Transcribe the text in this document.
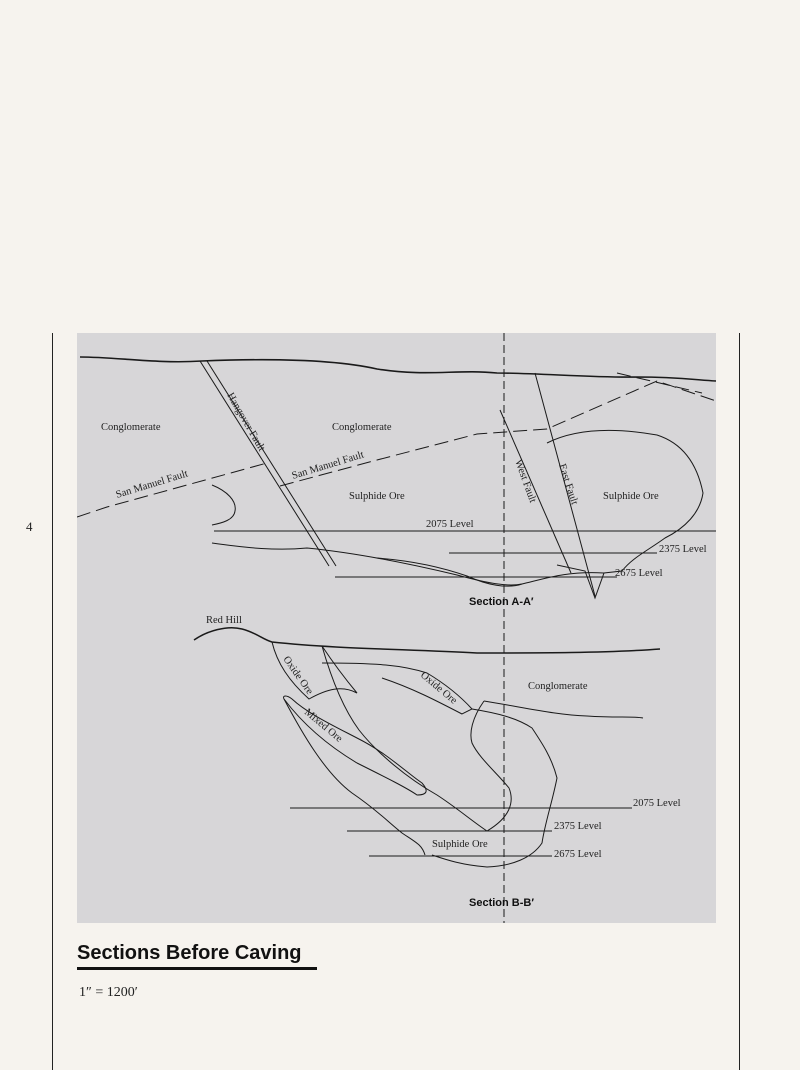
4
Conglomerate	Conglomerate
Hangover Fault
San Manuel Fault
San Manuel Fault
Sulphide Ore	West Fault East Fault Sulphide Ore
2075 Level
2375 Level
2675 Level
Section A-A′
Red Hill
Oxide Ore	Oxide Ore
Mixed Ore
Conglomerate
2075 Level
2375 Level
Sulphide Ore
2675 Level
Section B-B′
Sections Before Caving
1″ = 1200′
